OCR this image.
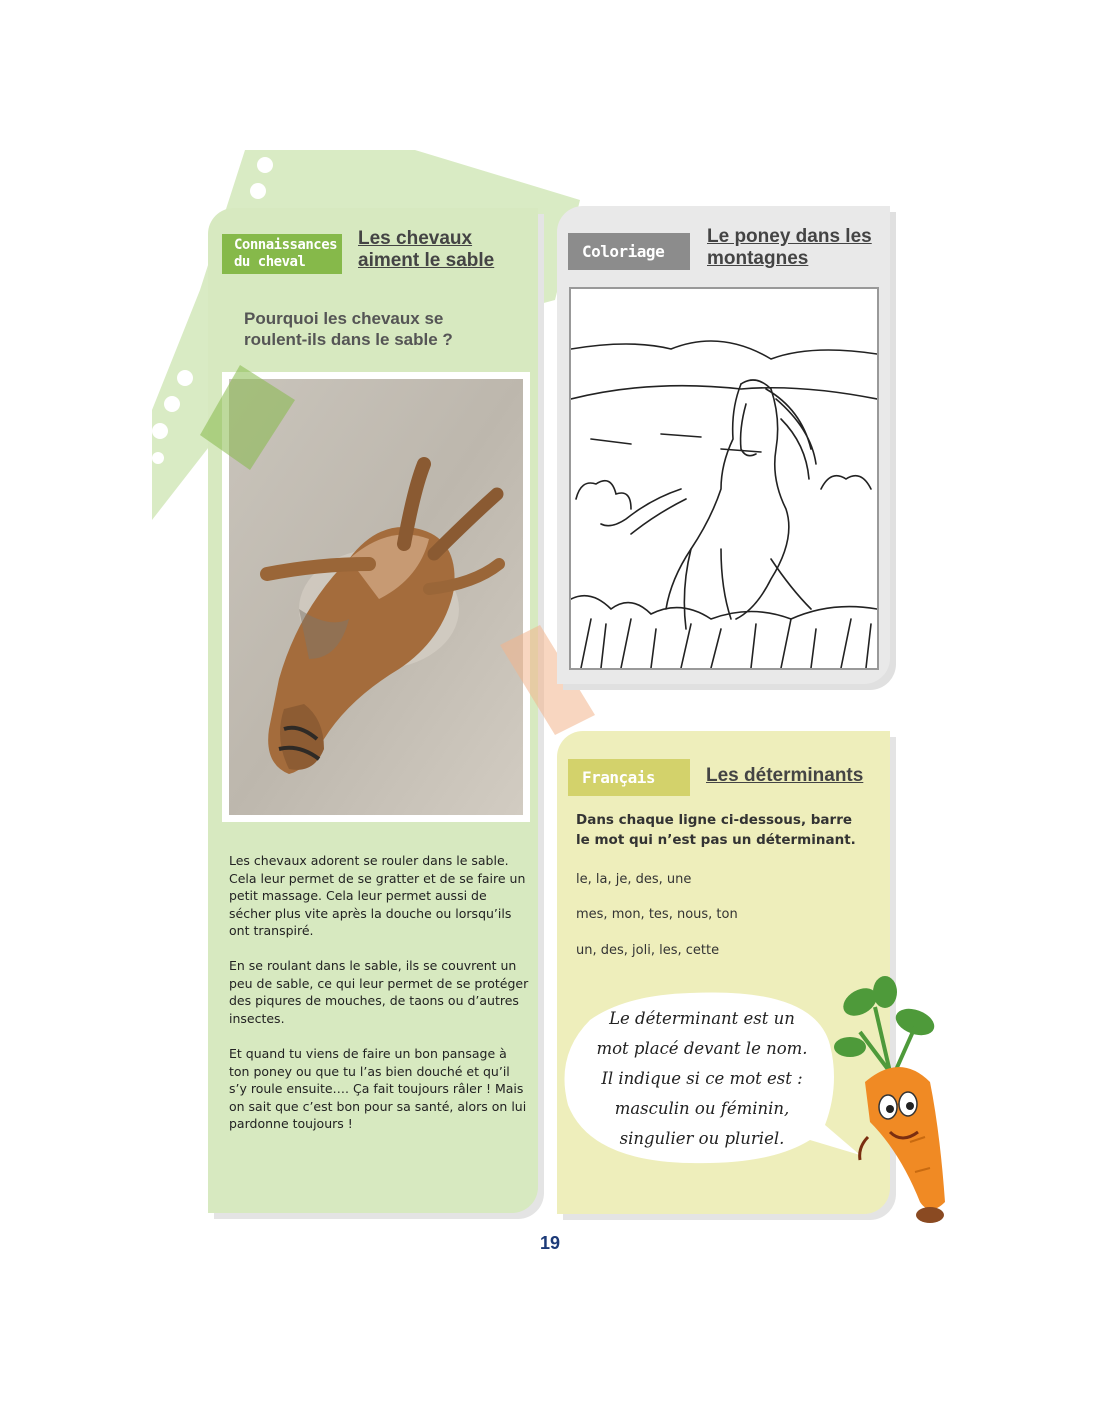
Connaissances
du cheval
Les chevaux aiment le sable
Pourquoi les chevaux se roulent-ils dans le sable ?
Les chevaux adorent se rouler dans le sable. Cela leur permet de se gratter et de se faire un petit massage. Cela leur permet aussi de sécher plus vite après la douche ou lorsqu’ils ont transpiré.
En se roulant dans le sable, ils se couvrent un peu de sable, ce qui leur permet de se protéger des piqures de mouches, de taons ou d’autres insectes.
Et quand tu viens de faire un bon pansage à ton poney ou que tu l’as bien douché et qu’il s’y roule ensuite…. Ça fait toujours râler ! Mais on sait que c’est bon pour sa santé, alors on lui pardonne toujours !
Coloriage
Le poney dans les montagnes
Français	Les déterminants
Dans chaque ligne ci-dessous, barre le mot qui n’est pas un déterminant.
le, la, je, des, une
mes, mon, tes, nous, ton
un, des, joli, les, cette
Le déterminant est un
mot placé devant le nom.
Il indique si ce mot est :
masculin ou féminin,
singulier ou pluriel.
19
